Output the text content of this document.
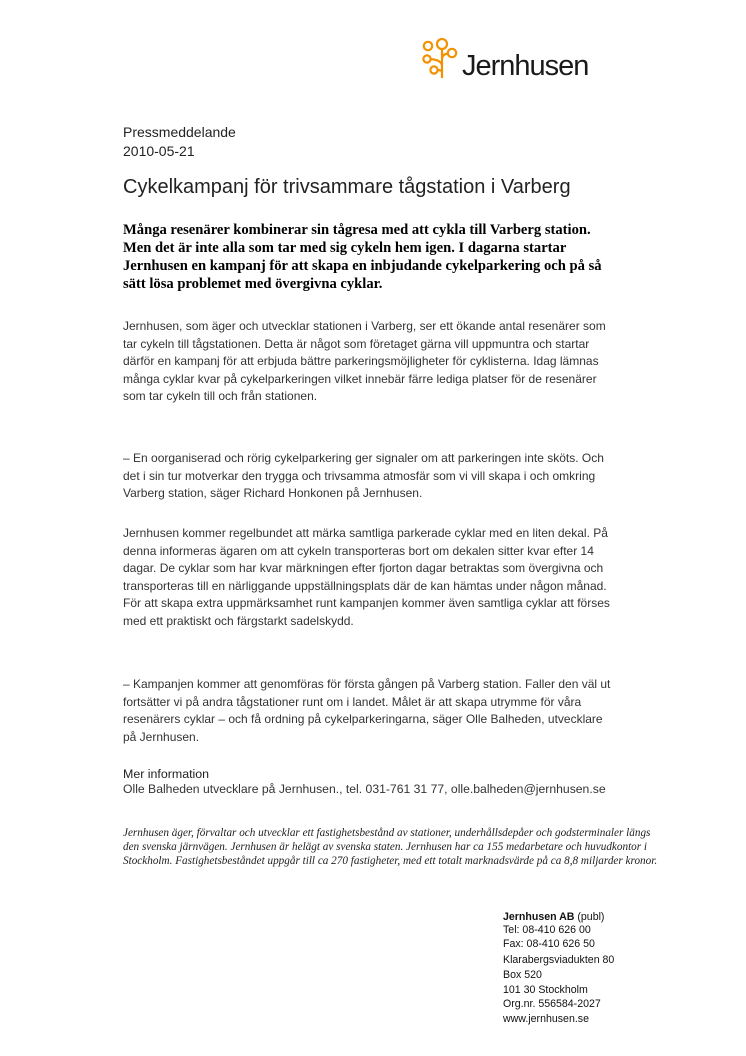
Jernhusen
Pressmeddelande
2010-05-21
Cykelkampanj för trivsammare tågstation i Varberg
Många resenärer kombinerar sin tågresa med att cykla till Varberg station. Men det är inte alla som tar med sig cykeln hem igen. I dagarna startar Jernhusen en kampanj för att skapa en inbjudande cykelparkering och på så sätt lösa problemet med övergivna cyklar.
Jernhusen, som äger och utvecklar stationen i Varberg, ser ett ökande antal resenärer som tar cykeln till tågstationen. Detta är något som företaget gärna vill uppmuntra och startar därför en kampanj för att erbjuda bättre parkeringsmöjligheter för cyklisterna. Idag lämnas många cyklar kvar på cykelparkeringen vilket innebär färre lediga platser för de resenärer som tar cykeln till och från stationen.
– En oorganiserad och rörig cykelparkering ger signaler om att parkeringen inte sköts. Och det i sin tur motverkar den trygga och trivsamma atmosfär som vi vill skapa i och omkring Varberg station, säger Richard Honkonen på Jernhusen.
Jernhusen kommer regelbundet att märka samtliga parkerade cyklar med en liten dekal. På denna informeras ägaren om att cykeln transporteras bort om dekalen sitter kvar efter 14 dagar. De cyklar som har kvar märkningen efter fjorton dagar betraktas som övergivna och transporteras till en närliggande uppställningsplats där de kan hämtas under någon månad. För att skapa extra uppmärksamhet runt kampanjen kommer även samtliga cyklar att förses med ett praktiskt och färgstarkt sadelskydd.
– Kampanjen kommer att genomföras för första gången på Varberg station. Faller den väl ut fortsätter vi på andra tågstationer runt om i landet. Målet är att skapa utrymme för våra resenärers cyklar – och få ordning på cykelparkeringarna, säger Olle Balheden, utvecklare på Jernhusen.
Mer information
Olle Balheden utvecklare på Jernhusen., tel. 031-761 31 77, olle.balheden@jernhusen.se
Jernhusen äger, förvaltar och utvecklar ett fastighetsbestånd av stationer, underhållsdepåer och godsterminaler längs den svenska järnvägen. Jernhusen är helägt av svenska staten. Jernhusen har ca 155 medarbetare och huvudkontor i Stockholm. Fastighetsbeståndet uppgår till ca 270 fastigheter, med ett totalt marknadsvärde på ca 8,8 miljarder kronor.
Jernhusen AB (publ)
Tel: 08-410 626 00
Fax: 08-410 626 50
Klarabergsviadukten 80
Box 520
101 30 Stockholm
Org.nr. 556584-2027
www.jernhusen.se
